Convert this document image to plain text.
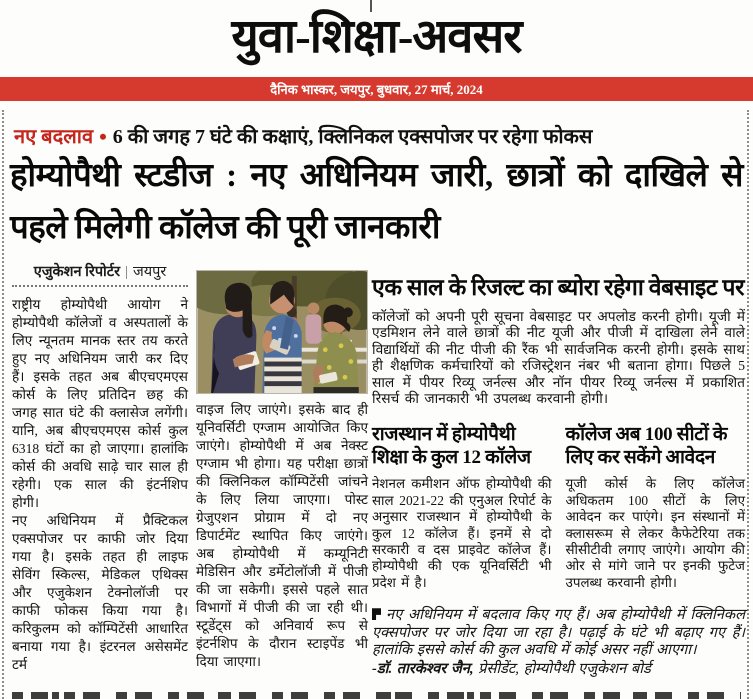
युवा-शिक्षा-अवसर
दैनिक भास्कर, जयपुर, बुधवार, 27 मार्च, 2024
नए बदलाव • 6 की जगह 7 घंटे की कक्षाएं, क्लिनिकल एक्सपोजर पर रहेगा फोकस
होम्योपैथी स्टडीज : नए अधिनियम जारी, छात्रों को दाखिले से पहले मिलेगी कॉलेज की पूरी जानकारी
एजुकेशन रिपोर्टर | जयपुर
राष्ट्रीय होम्योपैथी आयोग ने होम्योपैथी कॉलेजों व अस्पतालों के लिए न्यूनतम मानक स्तर तय करते हुए नए अधिनियम जारी कर दिए हैं। इसके तहत अब बीएचएमएस कोर्स के लिए प्रतिदिन छह की जगह सात घंटे की क्लासेज लगेंगी। यानि, अब बीएचएमएस कोर्स कुल 6318 घंटों का हो जाएगा। हालांकि कोर्स की अवधि साढ़े चार साल ही रहेगी। एक साल की इंटर्नशिप होगी।
नए अधिनियम में प्रैक्टिकल एक्सपोजर पर काफी जोर दिया गया है। इसके तहत ही लाइफ सेविंग स्किल्स, मेडिकल एथिक्स और एजुकेशन टेक्नोलॉजी पर काफी फोकस किया गया है। करिकुलम को कॉम्पिटेंसी आधारित बनाया गया है। इंटरनल असेसमेंट टर्म
वाइज लिए जाएंगे। इसके बाद ही यूनिवर्सिटी एग्जाम आयोजित किए जाएंगे। होम्योपैथी में अब नेक्स्ट एग्जाम भी होगा। यह परीक्षा छात्रों की क्लिनिकल कॉम्पिटेंसी जांचने के लिए लिया जाएगा। पोस्ट ग्रेजुएशन प्रोग्राम में दो नए डिपार्टमेंट स्थापित किए जाएंगे। अब होम्योपैथी में कम्यूनिटी मेडिसिन और डर्मेटोलॉजी में पीजी की जा सकेगी। इससे पहले सात विभागों में पीजी की जा रही थी। स्टूडेंट्स को अनिवार्य रूप से इंटर्नशिप के दौरान स्टाइपेंड भी दिया जाएगा।
एक साल के रिजल्ट का ब्योरा रहेगा वेबसाइट पर
कॉलेजों को अपनी पूरी सूचना वेबसाइट पर अपलोड करनी होगी। यूजी में एडमिशन लेने वाले छात्रों की नीट यूजी और पीजी में दाखिला लेने वाले विद्यार्थियों की नीट पीजी की रैंक भी सार्वजनिक करनी होगी। इसके साथ ही शैक्षणिक कर्मचारियों को रजिस्ट्रेशन नंबर भी बताना होगा। पिछले 5 साल में पीयर रिव्यू जर्नल्स और नॉन पीयर रिव्यू जर्नल्स में प्रकाशित रिसर्च की जानकारी भी उपलब्ध करवानी होगी।
राजस्थान में होम्योपैथी शिक्षा के कुल 12 कॉलेज
नेशनल कमीशन ऑफ होम्योपैथी की साल 2021-22 की एनुअल रिपोर्ट के अनुसार राजस्थान में होम्योपैथी के कुल 12 कॉलेज हैं। इनमें से दो सरकारी व दस प्राइवेट कॉलेज हैं। होम्योपैथी की एक यूनिवर्सिटी भी प्रदेश में है।
कॉलेज अब 100 सीटों के लिए कर सकेंगे आवेदन
यूजी कोर्स के लिए कॉलेज अधिकतम 100 सीटों के लिए आवेदन कर पाएंगे। इन संस्थानों में क्लासरूम से लेकर कैफेटेरिया तक सीसीटीवी लगाए जाएंगे। आयोग की ओर से मांगे जाने पर इनकी फुटेज उपलब्ध करवानी होगी।
नए अधिनियम में बदलाव किए गए हैं। अब होम्योपैथी में क्लिनिकल एक्सपोजर पर जोर दिया जा रहा है। पढ़ाई के घंटे भी बढ़ाए गए हैं। हालांकि इससे कोर्स की कुल अवधि में कोई असर नहीं आएगा।
-डॉ. तारकेश्वर जैन, प्रेसीडेंट, होम्योपैथी एजुकेशन बोर्ड
